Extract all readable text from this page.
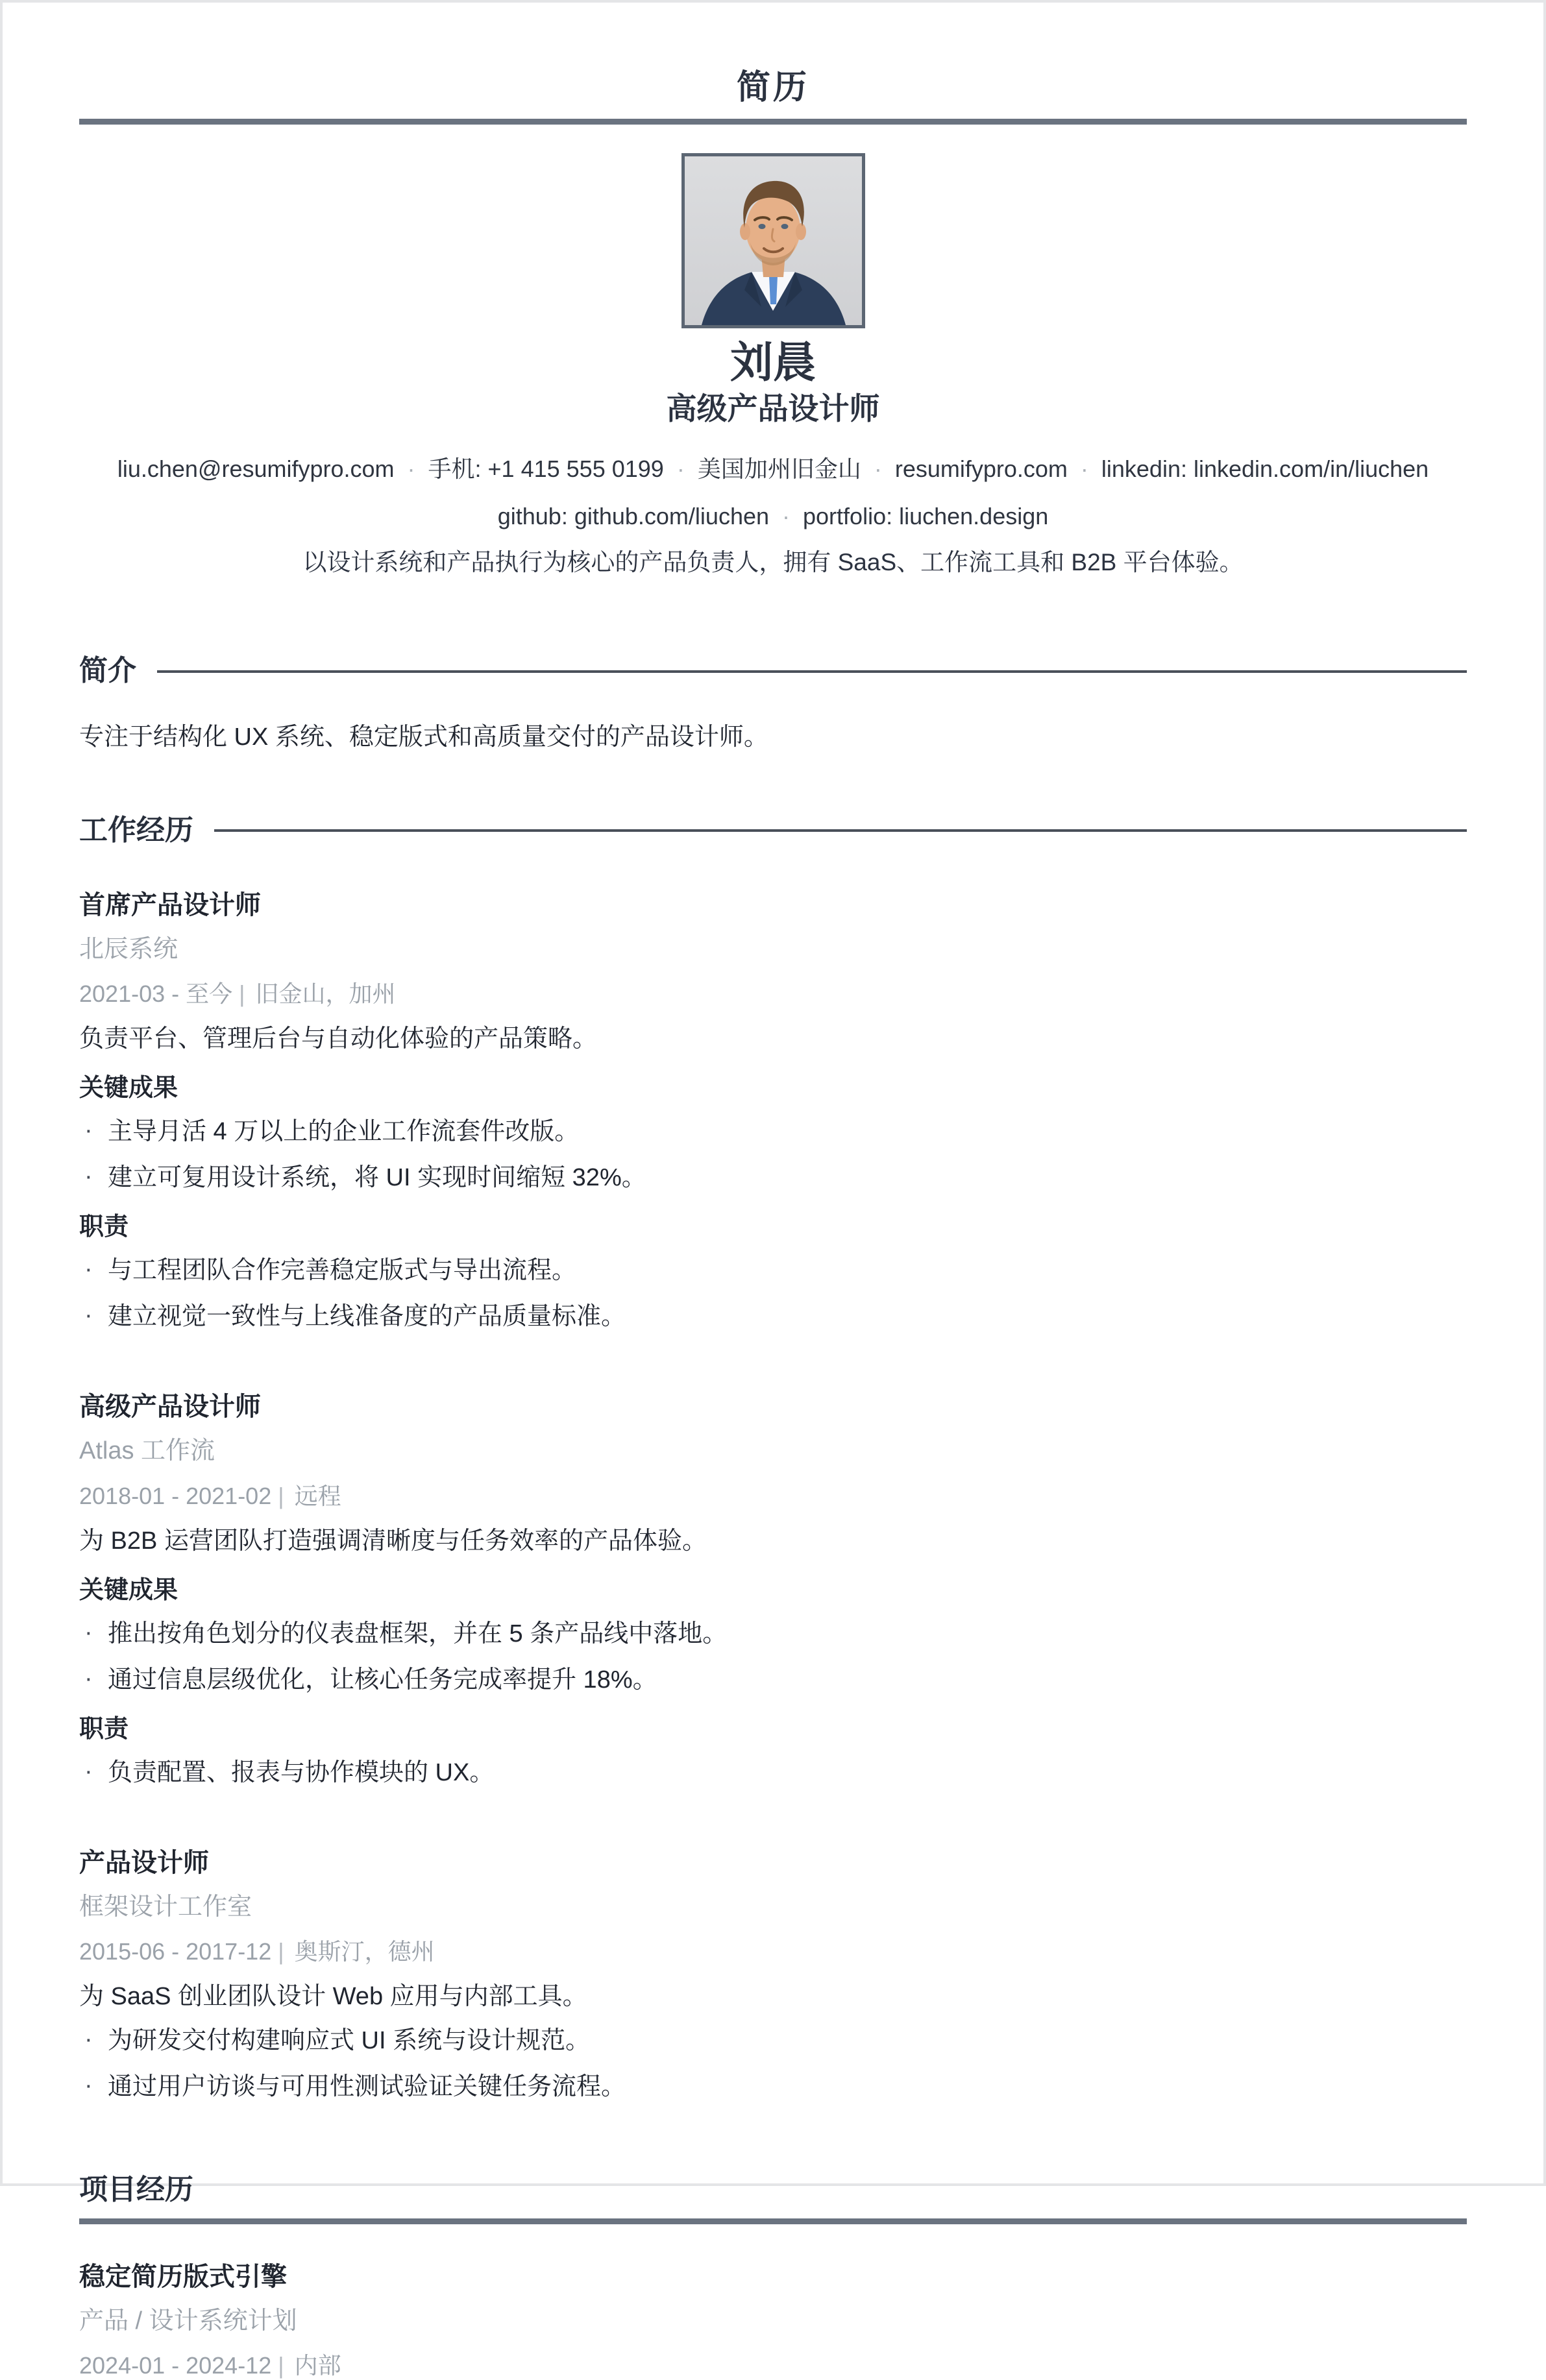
简历
刘晨
高级产品设计师
liu.chen@resumifypro.com	· 手机: +1 415 555 0199	· 美国加州旧金山	· resumifypro.com	· linkedin: linkedin.com/in/liuchen
github: github.com/liuchen	· portfolio: liuchen.design
以设计系统和产品执行为核心的产品负责人，拥有 SaaS、工作流工具和 B2B 平台体验。
简介

专注于结构化 UX 系统、稳定版式和高质量交付的产品设计师。

工作经历
首席产品设计师
北辰系统
2021-03 - 至今 | 旧金山，加州
负责平台、管理后台与自动化体验的产品策略。
关键成果
· 主导月活 4 万以上的企业工作流套件改版。
· 建立可复用设计系统，将 UI 实现时间缩短 32%。
职责
· 与工程团队合作完善稳定版式与导出流程。
· 建立视觉一致性与上线准备度的产品质量标准。
高级产品设计师
Atlas 工作流
2018-01 - 2021-02 | 远程
为 B2B 运营团队打造强调清晰度与任务效率的产品体验。
关键成果
· 推出按角色划分的仪表盘框架，并在 5 条产品线中落地。
· 通过信息层级优化，让核心任务完成率提升 18%。
职责
· 负责配置、报表与协作模块的 UX。
产品设计师
框架设计工作室
2015-06 - 2017-12 | 奥斯汀，德州
为 SaaS 创业团队设计 Web 应用与内部工具。
· 为研发交付构建响应式 UI 系统与设计规范。
· 通过用户访谈与可用性测试验证关键任务流程。
项目经历
稳定简历版式引擎
产品 / 设计系统计划
2024-01 - 2024-12 | 内部
